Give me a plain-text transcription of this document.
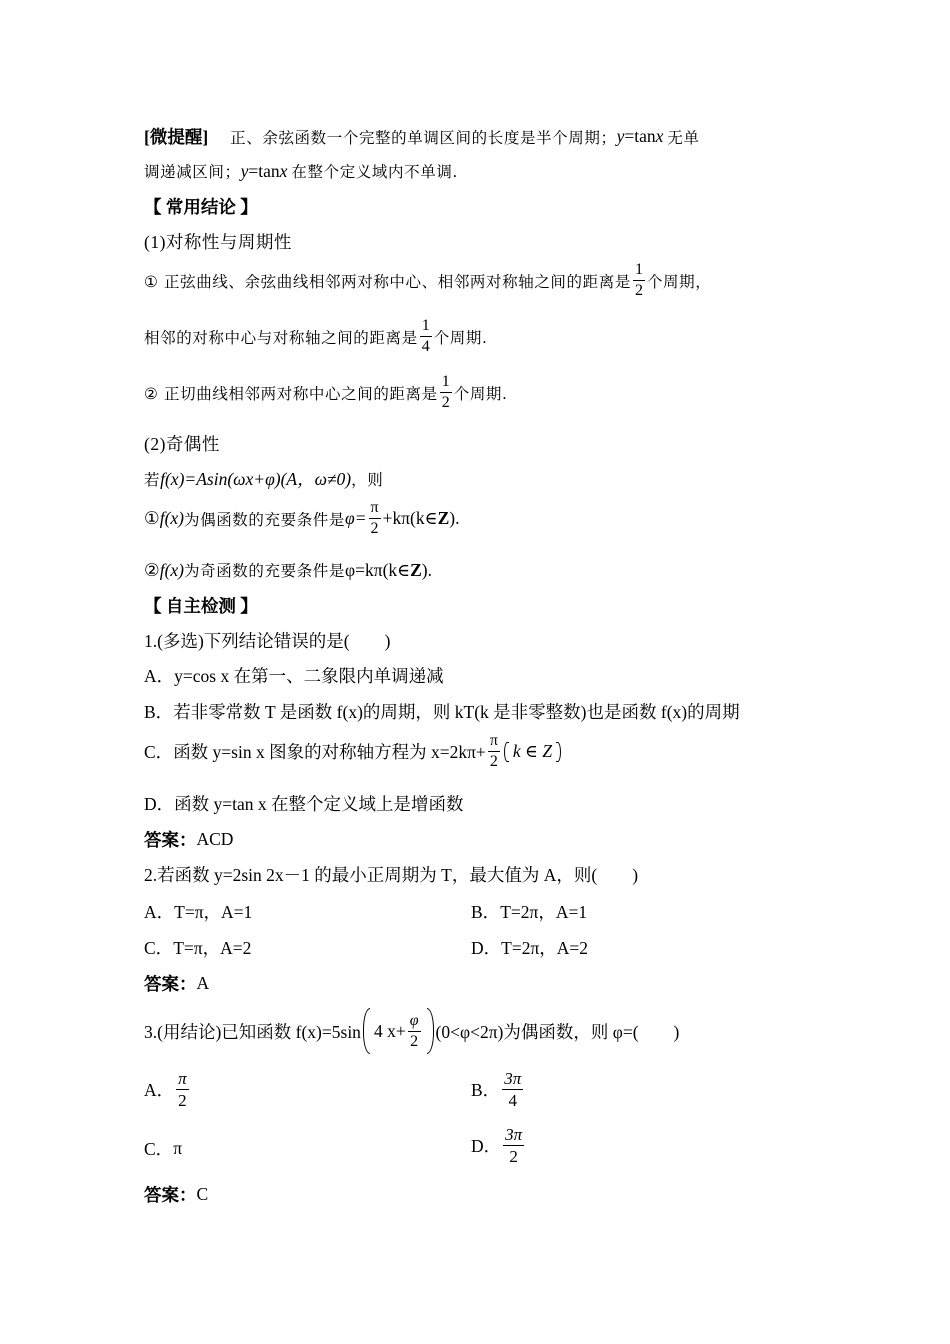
[微提醒] 正、余弦函数一个完整的单调区间的长度是半个周期； y =tan x 无单
调递减区间； y =tan x 在整个定义域内不单调.
【 常用结论 】
(1)对称性与周期性
① 正弦曲线、余弦曲线相邻两对称中心、相邻两对称轴之间的距离是 $\frac{1}{2}$ 个周期，
相邻的对称中心与对称轴之间的距离是 $\frac{1}{4}$ 个周期.
② 正切曲线相邻两对称中心之间的距离是 $\frac{1}{2}$ 个周期.
(2)奇偶性
若 f(x)=Asin(ωx+φ)(A，ω≠0) ，则
① f(x) 为偶函数的充要条件是 $\varphi= \frac{\pi}{2}$ +kπ(k∈ Z ).
② f(x) 为奇函数的充要条件是 φ=kπ(k∈ Z ).
【 自主检测 】
1.(多选)下列结论错误的是(　　)
A． y=cos x 在第一、二象限内单调递减
B． 若非零常数 T 是函数 f(x)的周期，则 kT(k 是非零整数)也是函数 f(x)的周期
C． 函数 y=sin x 图象的对称轴方程为 $x=2k\pi+ \frac{\pi}{2}$ k ∈ Z
D． 函数 y=tan x 在整个定义域上是增函数
答案： ACD
2.若函数 y=2sin 2x－1 的最小正周期为 T，最大值为 A，则(　　)
A． T=π，A=1	B． T=2π，A=1
C． T=π，A=2	D． T=2π，A=2
答案： A
3.(用结论)已知函数 f(x)=5sin 4 $x+ \frac{\varphi}{2} (0<\varphi<2\pi)$为偶函数，则 φ=(　　)
A． $\frac{\pi}{2}$	B． $\frac{3\pi}{4}$
C． π	D． $\frac{3\pi}{2}$
答案： C
